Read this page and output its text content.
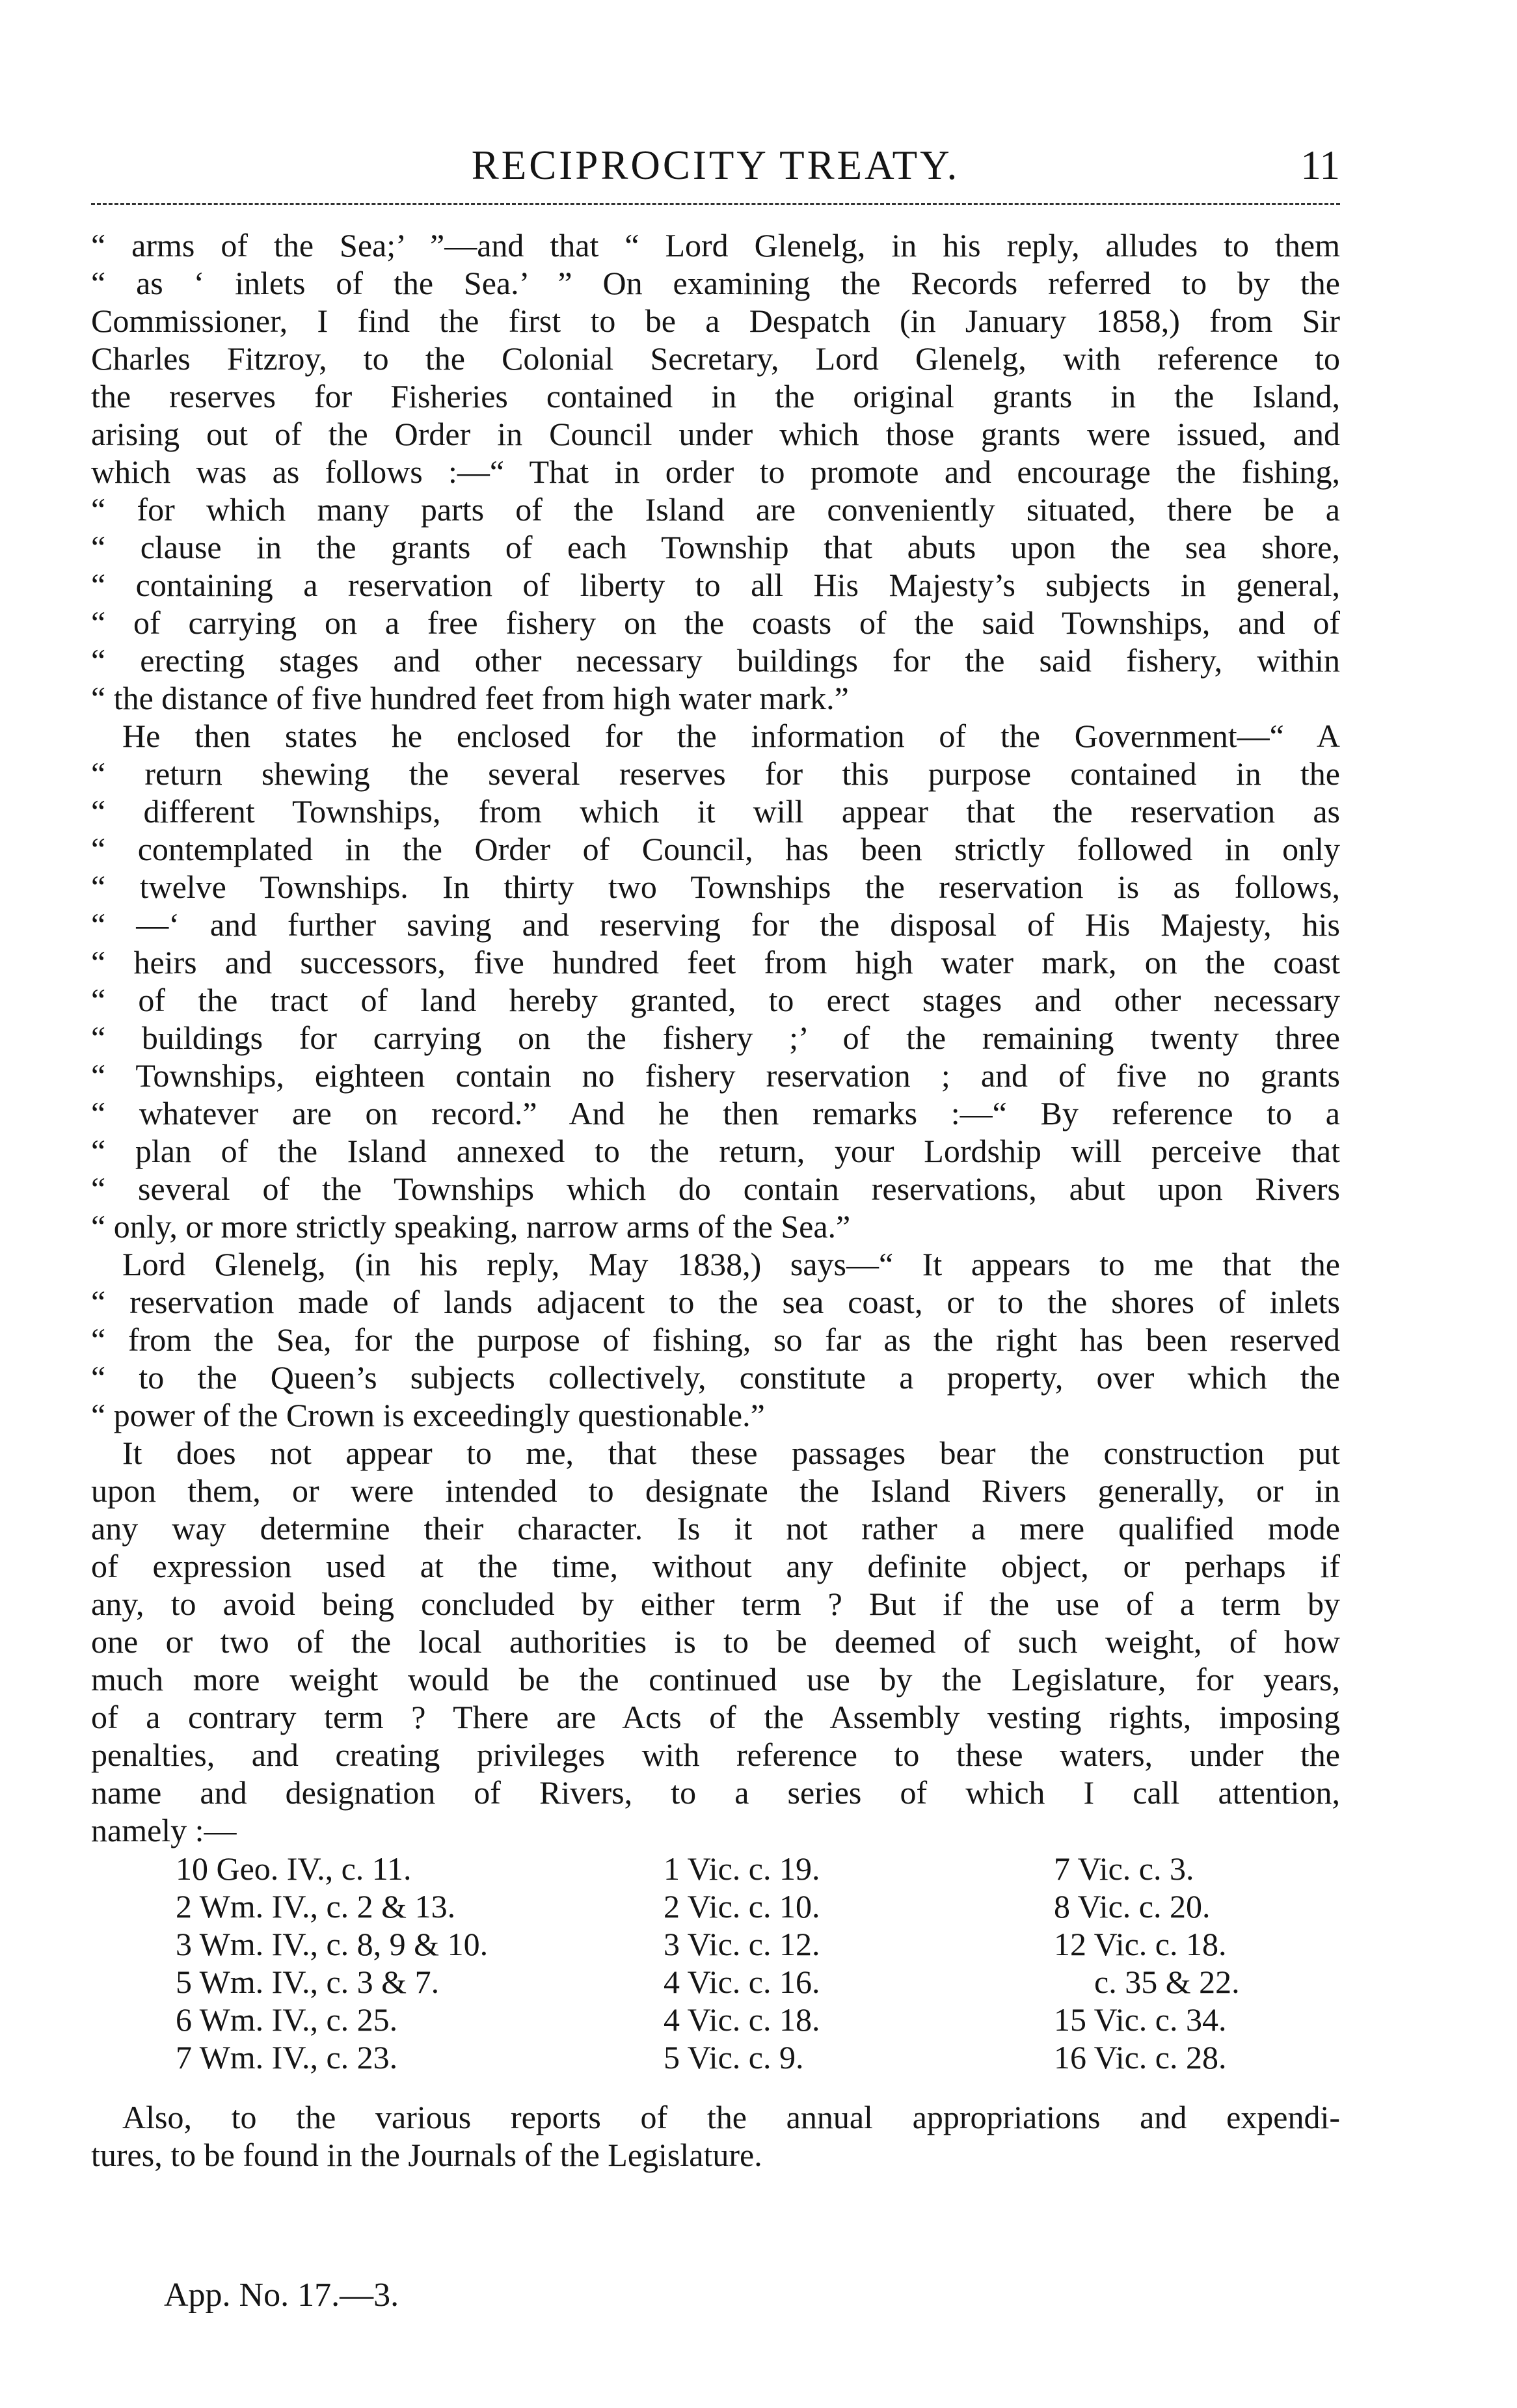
RECIPROCITY TREATY.	11
“ arms of the Sea;’ ”—and that “ Lord Glenelg, in his reply, alludes to them
“ as ‘ inlets of the Sea.’ ” On examining the Records referred to by the
Commissioner, I find the first to be a Despatch (in January 1858,) from Sir
Charles Fitzroy, to the Colonial Secretary, Lord Glenelg, with reference to
the reserves for Fisheries contained in the original grants in the Island,
arising out of the Order in Council under which those grants were issued, and
which was as follows :—“ That in order to promote and encourage the fishing,
“ for which many parts of the Island are conveniently situated, there be a
“ clause in the grants of each Township that abuts upon the sea shore,
“ containing a reservation of liberty to all His Majesty’s subjects in general,
“ of carrying on a free fishery on the coasts of the said Townships, and of
“ erecting stages and other necessary buildings for the said fishery, within
“ the distance of five hundred feet from high water mark.”
He then states he enclosed for the information of the Government—“ A
“ return shewing the several reserves for this purpose contained in the
“ different Townships, from which it will appear that the reservation as
“ contemplated in the Order of Council, has been strictly followed in only
“ twelve Townships. In thirty two Townships the reservation is as follows,
“ —‘ and further saving and reserving for the disposal of His Majesty, his
“ heirs and successors, five hundred feet from high water mark, on the coast
“ of the tract of land hereby granted, to erect stages and other necessary
“ buildings for carrying on the fishery ;’ of the remaining twenty three
“ Townships, eighteen contain no fishery reservation ; and of five no grants
“ whatever are on record.” And he then remarks :—“ By reference to a
“ plan of the Island annexed to the return, your Lordship will perceive that
“ several of the Townships which do contain reservations, abut upon Rivers
“ only, or more strictly speaking, narrow arms of the Sea.”
Lord Glenelg, (in his reply, May 1838,) says—“ It appears to me that the
“ reservation made of lands adjacent to the sea coast, or to the shores of inlets
“ from the Sea, for the purpose of fishing, so far as the right has been reserved
“ to the Queen’s subjects collectively, constitute a property, over which the
“ power of the Crown is exceedingly questionable.”
It does not appear to me, that these passages bear the construction put
upon them, or were intended to designate the Island Rivers generally, or in
any way determine their character. Is it not rather a mere qualified mode
of expression used at the time, without any definite object, or perhaps if
any, to avoid being concluded by either term ? But if the use of a term by
one or two of the local authorities is to be deemed of such weight, of how
much more weight would be the continued use by the Legislature, for years,
of a contrary term ? There are Acts of the Assembly vesting rights, imposing
penalties, and creating privileges with reference to these waters, under the
name and designation of Rivers, to a series of which I call attention,
namely :—
10 Geo. IV., c. 11.	1 Vic. c. 19.	7 Vic. c. 3.
2 Wm. IV., c. 2 & 13.	2 Vic. c. 10.	8 Vic. c. 20.
3 Wm. IV., c. 8, 9 & 10.	3 Vic. c. 12.	12 Vic. c. 18.
5 Wm. IV., c. 3 & 7.	4 Vic. c. 16.	c. 35 & 22.
6 Wm. IV., c. 25.	4 Vic. c. 18.	15 Vic. c. 34.
7 Wm. IV., c. 23.	5 Vic. c. 9.	16 Vic. c. 28.
Also, to the various reports of the annual appropriations and expendi-
tures, to be found in the Journals of the Legislature.
App. No. 17.—3.
